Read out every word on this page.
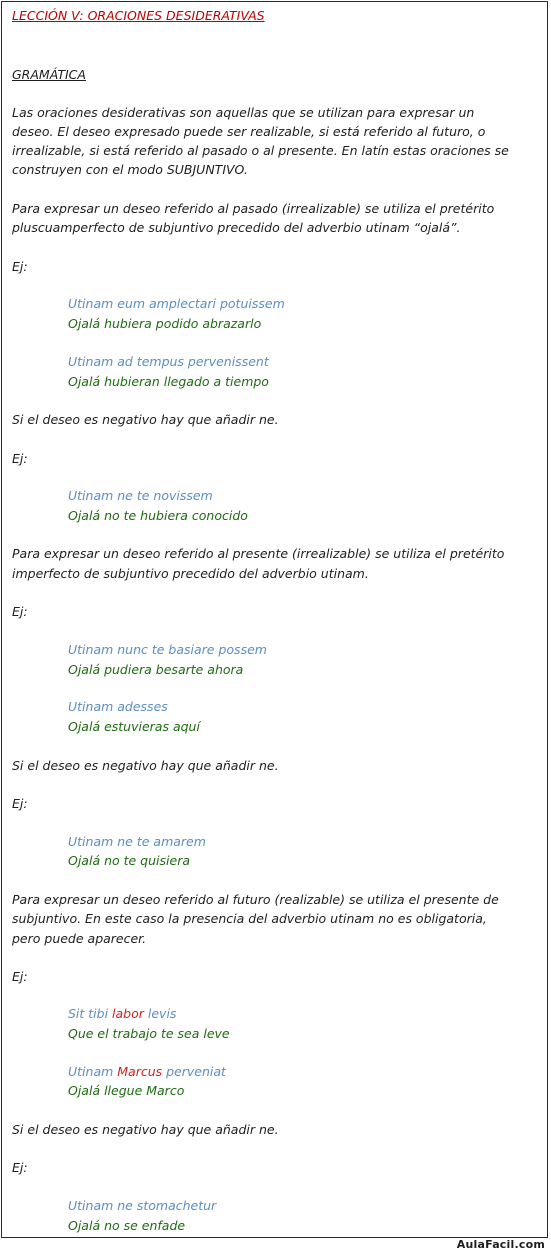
LECCIÓN V: ORACIONES DESIDERATIVAS
GRAMÁTICA
Las oraciones desiderativas son aquellas que se utilizan para expresar un
deseo. El deseo expresado puede ser realizable, si está referido al futuro, o
irrealizable, si está referido al pasado o al presente. En latín estas oraciones se
construyen con el modo SUBJUNTIVO.
Para expresar un deseo referido al pasado (irrealizable) se utiliza el pretérito
pluscuamperfecto de subjuntivo precedido del adverbio utinam “ojalá”.
Ej:
Utinam eum amplectari potuissem
Ojalá hubiera podido abrazarlo
Utinam ad tempus pervenissent
Ojalá hubieran llegado a tiempo
Si el deseo es negativo hay que añadir ne.
Ej:
Utinam ne te novissem
Ojalá no te hubiera conocido
Para expresar un deseo referido al presente (irrealizable) se utiliza el pretérito
imperfecto de subjuntivo precedido del adverbio utinam.
Ej:
Utinam nunc te basiare possem
Ojalá pudiera besarte ahora
Utinam adesses
Ojalá estuvieras aquí
Si el deseo es negativo hay que añadir ne.
Ej:
Utinam ne te amarem
Ojalá no te quisiera
Para expresar un deseo referido al futuro (realizable) se utiliza el presente de
subjuntivo. En este caso la presencia del adverbio utinam no es obligatoria,
pero puede aparecer.
Ej:
Sit tibi labor levis
Que el trabajo te sea leve
Utinam Marcus perveniat
Ojalá llegue Marco
Si el deseo es negativo hay que añadir ne.
Ej:
Utinam ne stomachetur
Ojalá no se enfade
AulaFacil.com
